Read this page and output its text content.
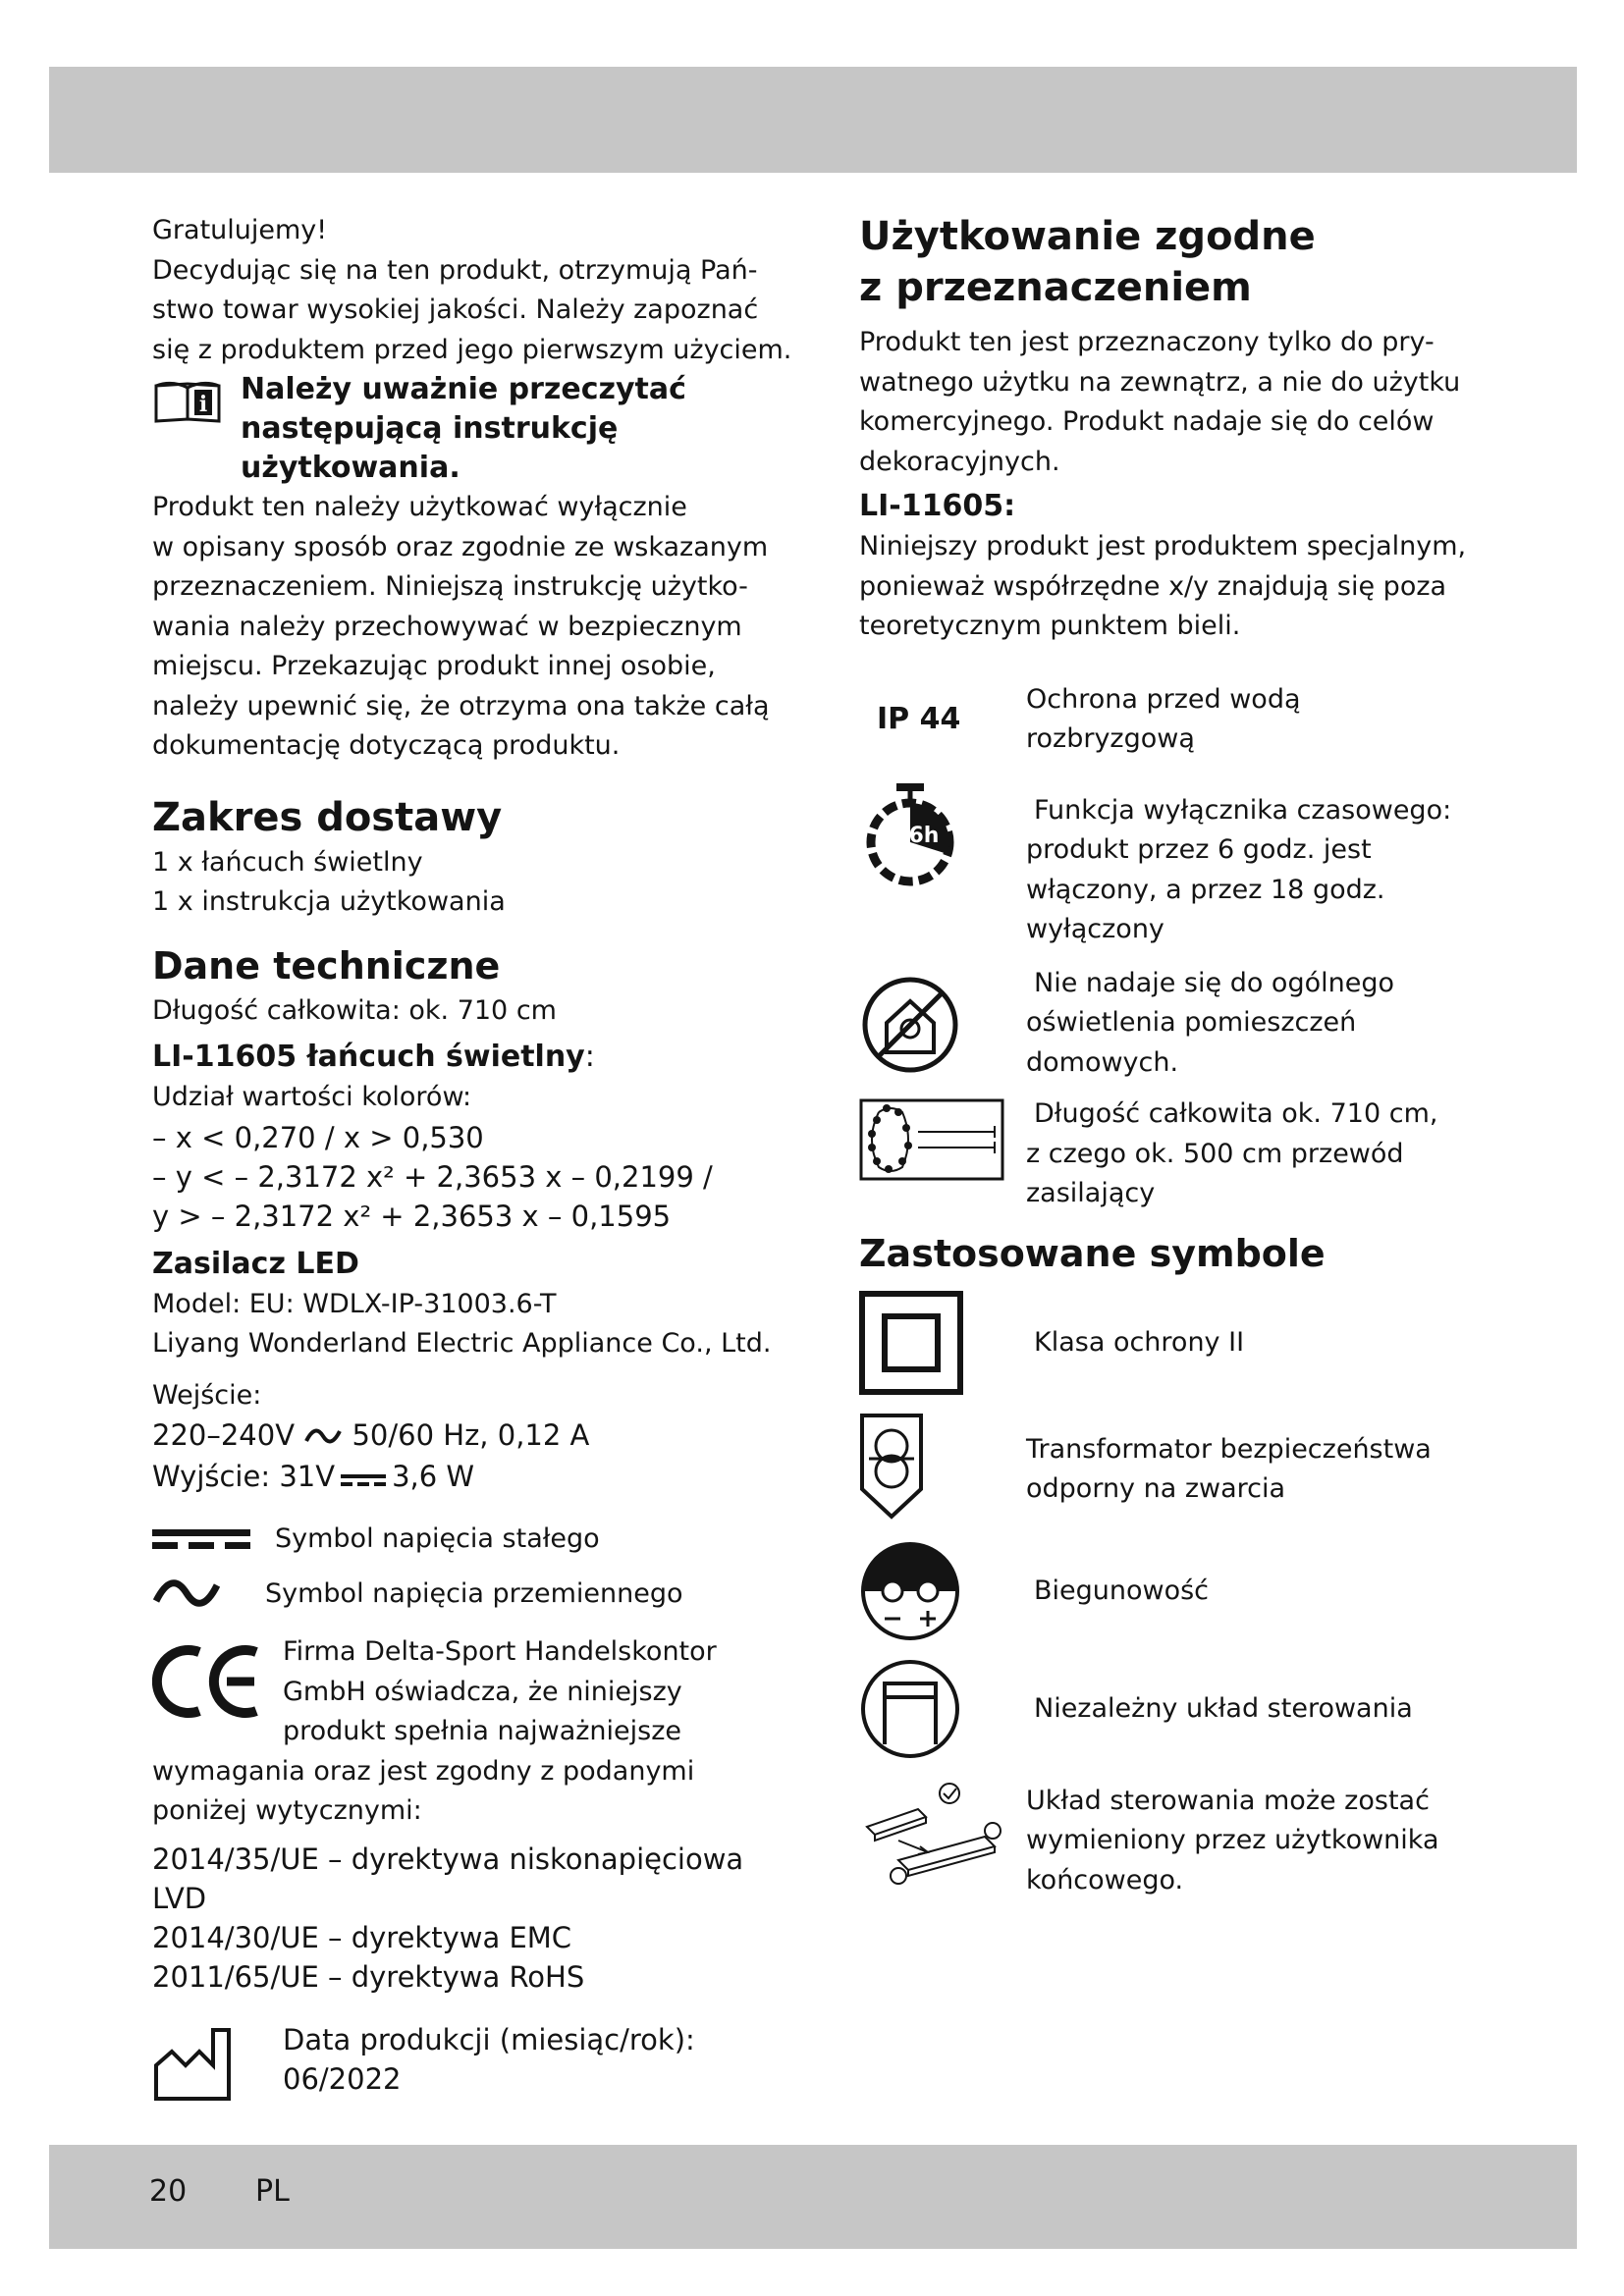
20 PL

Gratulujemy!

Decydując się na ten produkt, otrzymują Pań-

stwo towar wysokiej jakości. Należy zapoznać

się z produktem przed jego pierwszym użyciem.

i Należy uważnie przeczytać

następującą instrukcję

użytkowania.

Produkt ten należy użytkować wyłącznie

w opisany sposób oraz zgodnie ze wskazanym

przeznaczeniem. Niniejszą instrukcję użytko-

wania należy przechowywać w bezpiecznym

miejscu. Przekazując produkt innej osobie,

należy upewnić się, że otrzyma ona także całą

dokumentację dotyczącą produktu.

Zakres dostawy

1 x łańcuch świetlny

1 x instrukcja użytkowania

Dane techniczne

Długość całkowita: ok. 710 cm

LI-11605 łańcuch świetlny:

Udział wartości kolorów:

– x < 0,270 / x > 0,530

– y < – 2,3172 x² + 2,3653 x – 0,2199 /

y > – 2,3172 x² + 2,3653 x – 0,1595

Zasilacz LED

Model: EU: WDLX-IP-31003.6-T

Liyang Wonderland Electric Appliance Co., Ltd.

Wejście:

220–240V 50/60 Hz, 0,12 A

Wyjście: 31V 3,6 W

Symbol napięcia stałego
Symbol napięcia przemiennego

Firma Delta-Sport Handelskontor

GmbH oświadcza, że niniejszy

produkt spełnia najważniejsze

wymagania oraz jest zgodny z podanymi

poniżej wytycznymi:

2014/35/UE – dyrektywa niskonapięciowa LVD

2014/30/UE – dyrektywa EMC

2011/65/UE – dyrektywa RoHS

Data produkcji (miesiąc/rok):

06/2022

Użytkowanie zgodne
z przeznaczeniem

Produkt ten jest przeznaczony tylko do pry-

watnego użytku na zewnątrz, a nie do użytku

komercyjnego. Produkt nadaje się do celów

dekoracyjnych.

LI-11605:

Niniejszy produkt jest produktem specjalnym,

ponieważ współrzędne x/y znajdują się poza

teoretycznym punktem bieli.

IP 44

Ochrona przed wodą

rozbryzgową

6h

Funkcja wyłącznika czasowego:

produkt przez 6 godz. jest

włączony, a przez 18 godz.

wyłączony

Nie nadaje się do ogólnego

oświetlenia pomieszczeń

domowych.

Długość całkowita ok. 710 cm,

z czego ok. 500 cm przewód

zasilający

Zastosowane symbole
Klasa ochrony II

Transformator bezpieczeństwa

odporny na zwarcia

Biegunowość
Niezależny układ sterowania

Układ sterowania może zostać

wymieniony przez użytkownika

końcowego.
